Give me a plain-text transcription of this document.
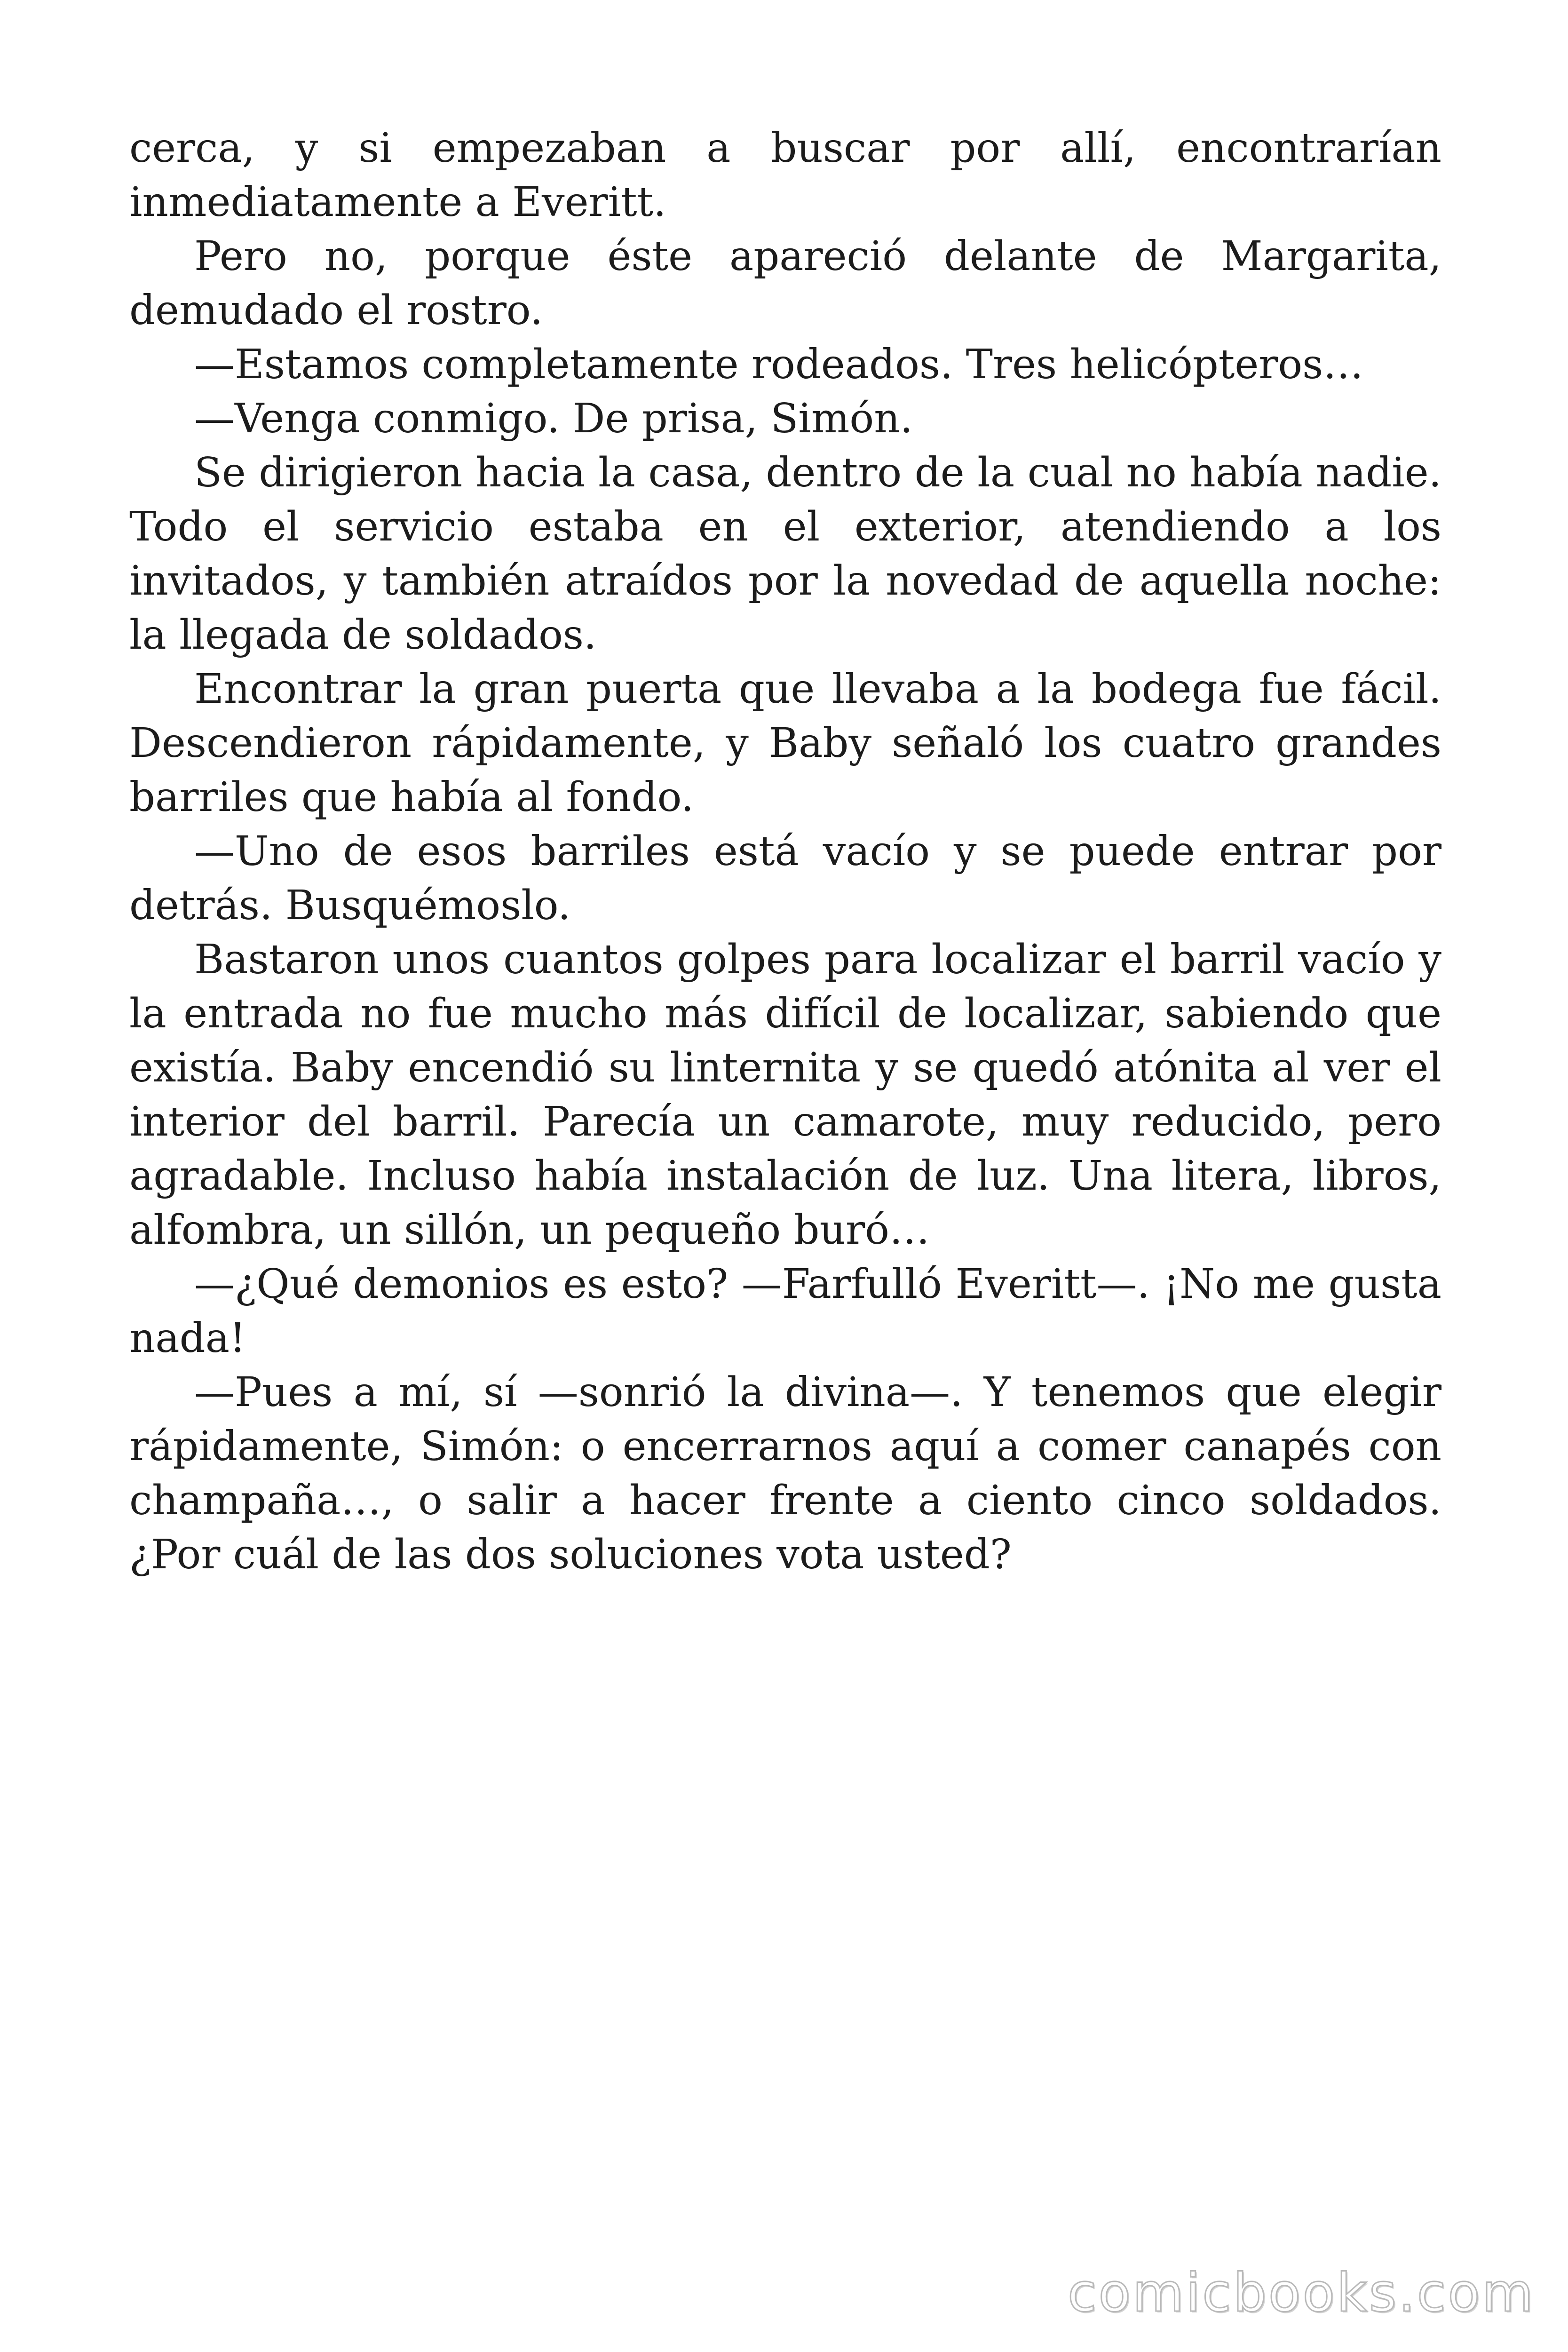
cerca, y si empezaban a buscar por allí, encontrarían inmediatamente a Everitt.

Pero no, porque éste apareció delante de Margarita, demudado el rostro.

—Estamos completamente rodeados. Tres helicópteros…

—Venga conmigo. De prisa, Simón.

Se dirigieron hacia la casa, dentro de la cual no había nadie. Todo el servicio estaba en el exterior, atendiendo a los invitados, y también atraídos por la novedad de aquella noche: la llegada de soldados.

Encontrar la gran puerta que llevaba a la bodega fue fácil. Descendieron rápidamente, y Baby señaló los cuatro grandes barriles que había al fondo.

—Uno de esos barriles está vacío y se puede entrar por detrás. Busquémoslo.

Bastaron unos cuantos golpes para localizar el barril vacío y la entrada no fue mucho más difícil de localizar, sabiendo que existía. Baby encendió su linternita y se quedó atónita al ver el interior del barril. Parecía un camarote, muy reducido, pero agradable. Incluso había instalación de luz. Una litera, libros, alfombra, un sillón, un pequeño buró…

—¿Qué demonios es esto? —Farfulló Everitt—. ¡No me gusta nada!

—Pues a mí, sí —sonrió la divina—. Y tenemos que elegir rápidamente, Simón: o encerrarnos aquí a comer canapés con champaña…, o salir a hacer frente a ciento cinco soldados. ¿Por cuál de las dos soluciones vota usted?

comicbooks.com
